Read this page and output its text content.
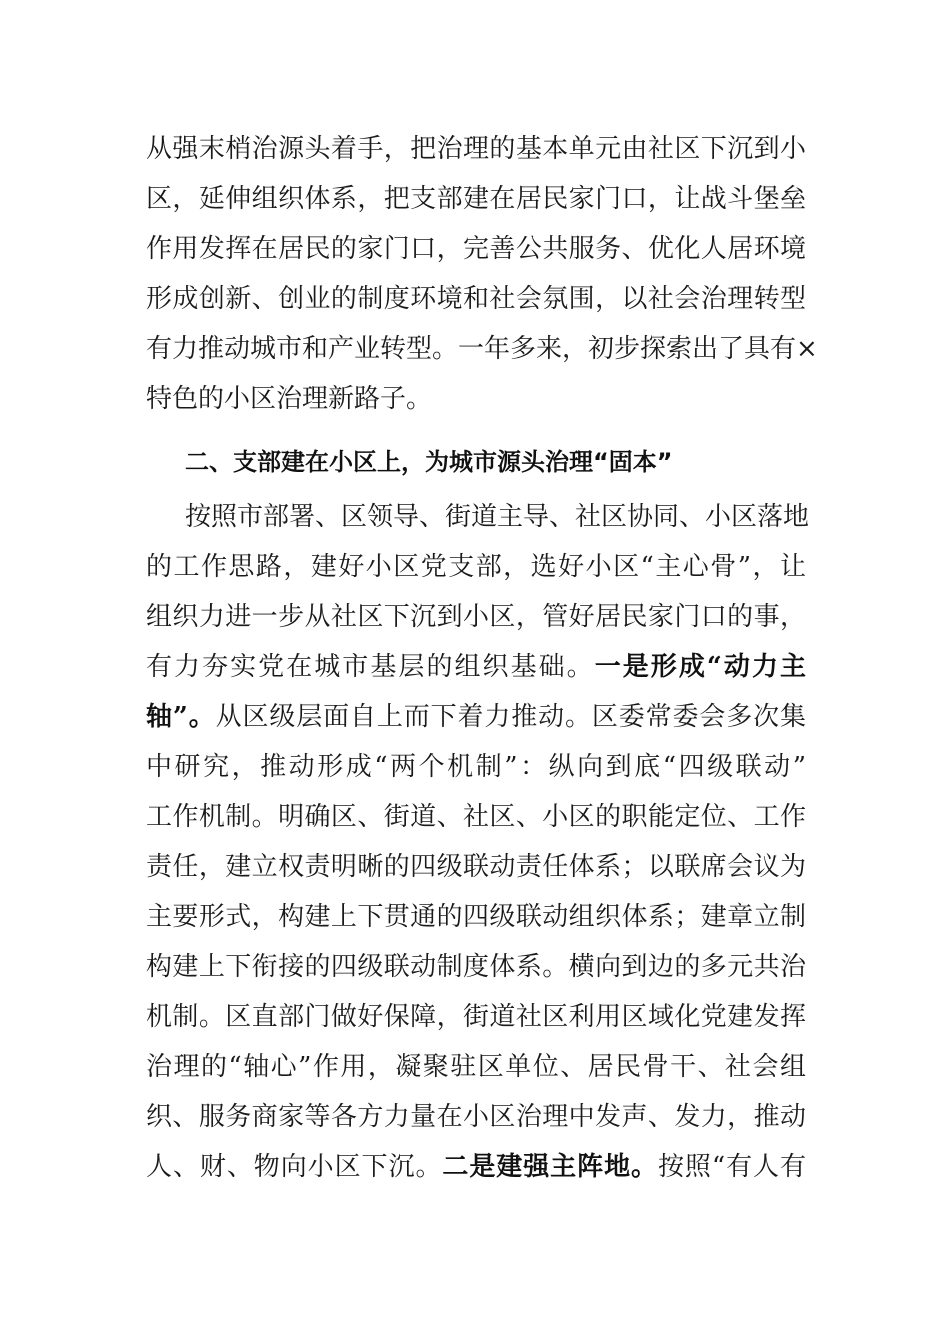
从强末梢治源头着手，把治理的基本单元由社区下沉到小
区，延伸组织体系，把支部建在居民家门口，让战斗堡垒
作用发挥在居民的家门口，完善公共服务、优化人居环境
形成创新、创业的制度环境和社会氛围，以社会治理转型
有力推动城市和产业转型。一年多来，初步探索出了具有×
特色的小区治理新路子。
二、支部建在小区上，为城市源头治理“固本”
按照市部署、区领导、街道主导、社区协同、小区落地
的工作思路，建好小区党支部，选好小区“主心骨”，让
组织力进一步从社区下沉到小区，管好居民家门口的事，
有力夯实党在城市基层的组织基础。一是形成“动力主
轴”。从区级层面自上而下着力推动。区委常委会多次集
中研究，推动形成“两个机制”：纵向到底“四级联动”
工作机制。明确区、街道、社区、小区的职能定位、工作
责任，建立权责明晰的四级联动责任体系；以联席会议为
主要形式，构建上下贯通的四级联动组织体系；建章立制
构建上下衔接的四级联动制度体系。横向到边的多元共治
机制。区直部门做好保障，街道社区利用区域化党建发挥
治理的“轴心”作用，凝聚驻区单位、居民骨干、社会组
织、服务商家等各方力量在小区治理中发声、发力，推动
人、财、物向小区下沉。二是建强主阵地。按照“有人有
